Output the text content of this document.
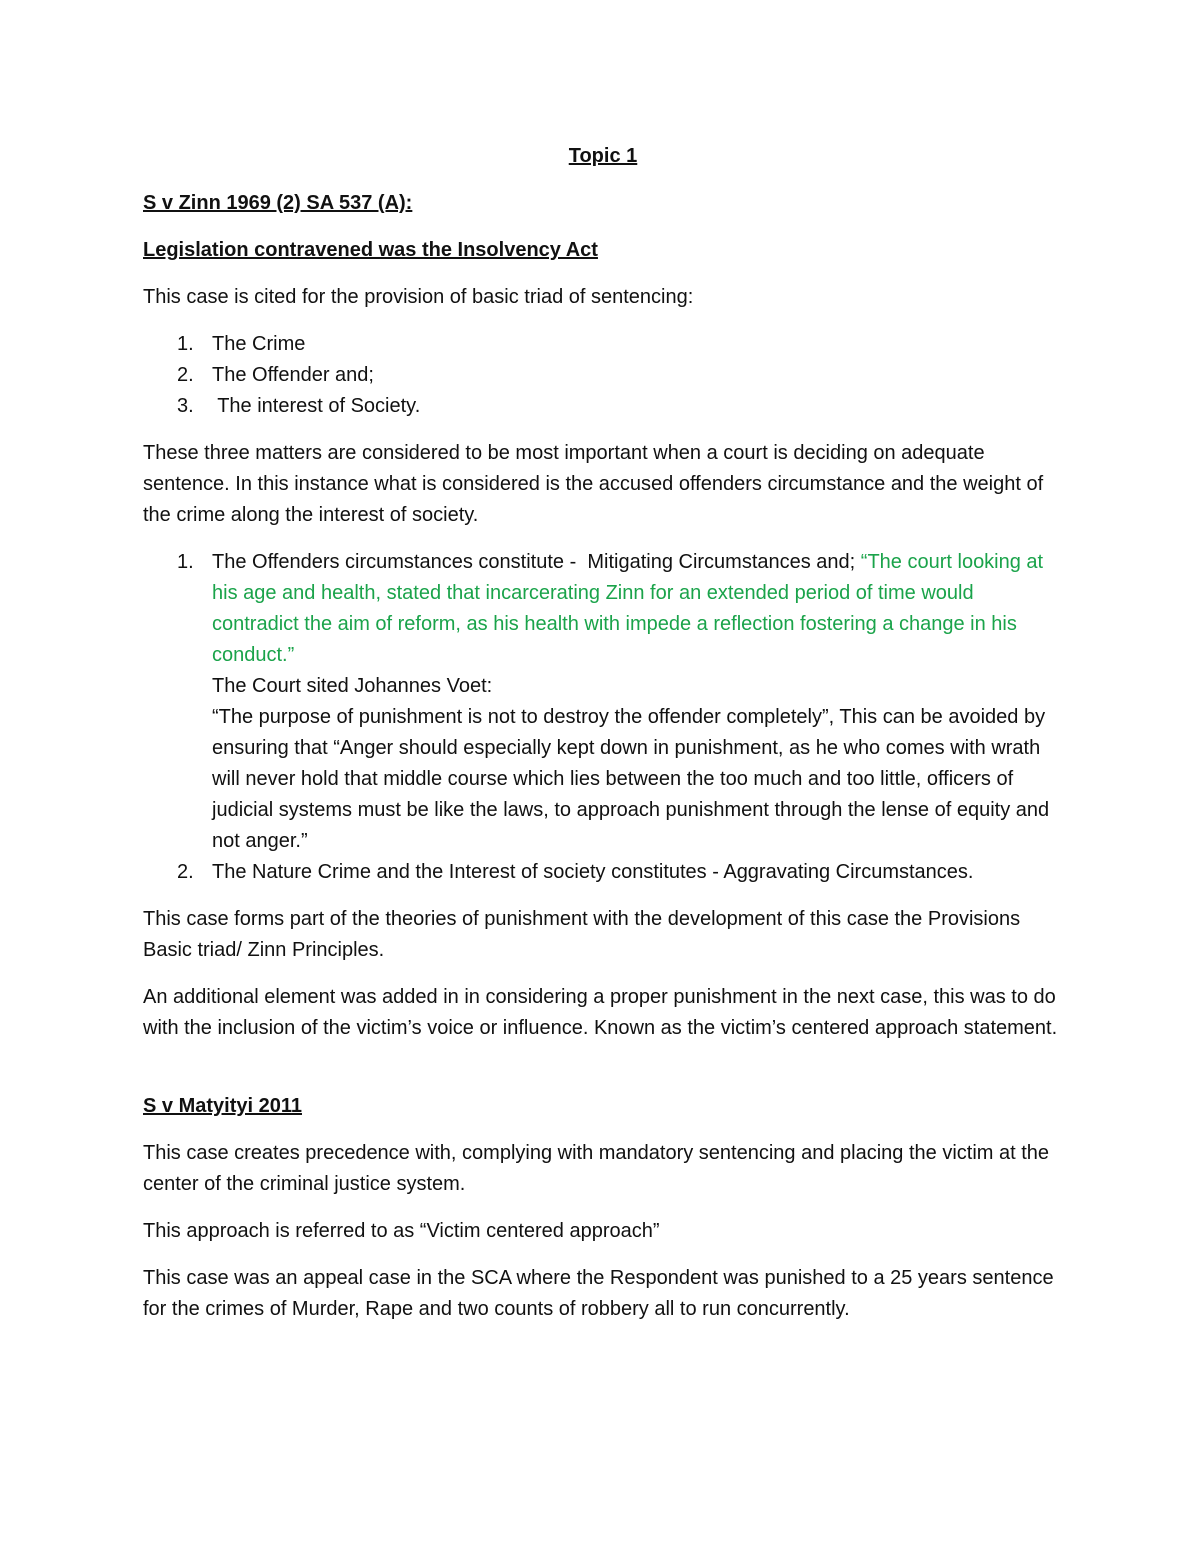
Topic 1
S v Zinn 1969 (2) SA 537 (A):
Legislation contravened was the Insolvency Act

This case is cited for the provision of basic triad of sentencing:

1. The Crime
2. The Offender and;
3. The interest of Society.

These three matters are considered to be most important when a court is deciding on adequate sentence. In this instance what is considered is the accused offenders circumstance and the weight of the crime along the interest of society.

1. The Offenders circumstances constitute -  Mitigating Circumstances and; “The court looking at his age and health, stated that incarcerating Zinn for an extended period of time would contradict the aim of reform, as his health with impede a reflection fostering a change in his conduct.”
The Court sited Johannes Voet:
“The purpose of punishment is not to destroy the offender completely”, This can be avoided by ensuring that “Anger should especially kept down in punishment, as he who comes with wrath will never hold that middle course which lies between the too much and too little, officers of judicial systems must be like the laws, to approach punishment through the lense of equity and not anger.”
2. The Nature Crime and the Interest of society constitutes - Aggravating Circumstances.

This case forms part of the theories of punishment with the development of this case the Provisions Basic triad/ Zinn Principles.

An additional element was added in in considering a proper punishment in the next case, this was to do with the inclusion of the victim’s voice or influence. Known as the victim’s centered approach statement.

S v Matyityi 2011

This case creates precedence with, complying with mandatory sentencing and placing the victim at the center of the criminal justice system.

This approach is referred to as “Victim centered approach”

This case was an appeal case in the SCA where the Respondent was punished to a 25 years sentence for the crimes of Murder, Rape and two counts of robbery all to run concurrently.
